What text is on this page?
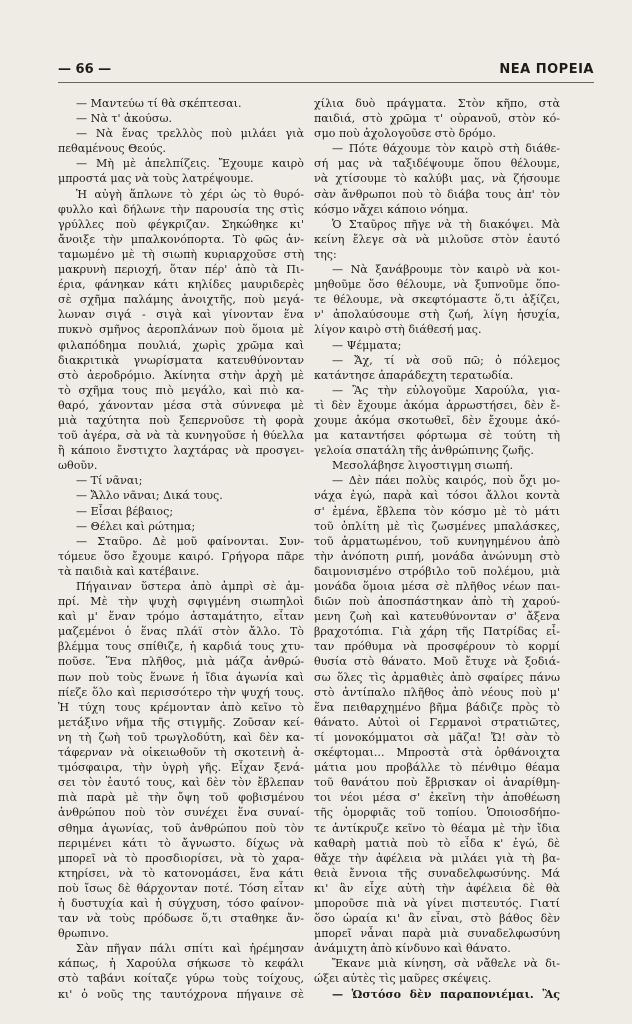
— 66 —	ΝΕΑ ΠΟΡΕΙΑ
— Μαντεύω τί θὰ σκέπτεσαι.
— Νὰ τ' ἀκούσω.
— Νὰ ἕνας τρελλὸς ποὺ μιλάει γιὰ
πεθαμένους Θεούς.
— Μὴ μὲ ἀπελπίζεις. Ἔχουμε καιρὸ
μπροστά μας νὰ τοὺς λατρέψουμε.
Ἡ αὐγὴ ἅπλωνε τὸ χέρι ὡς τὸ θυρό-
φυλλο καὶ δήλωνε τὴν παρουσία της στὶς
γρύλλες ποὺ φέγκριζαν. Σηκώθηκε κι'
ἄνοιξε τὴν μπαλκονόπορτα. Τὸ φῶς ἀν-
ταμωμένο μὲ τὴ σιωπὴ κυριαρχοῦσε στὴ
μακρυνὴ περιοχή, ὅταν πέρ' ἀπὸ τὰ Πι-
έρια, φάνηκαν κάτι κηλίδες μαυριδερὲς
σὲ σχῆμα παλάμης ἀνοιχτῆς, ποὺ μεγά-
λωναν σιγά - σιγὰ καὶ γίνονταν ἕνα
πυκνὸ σμῆνος ἀεροπλάνων ποὺ ὅμοια μὲ
φιλαπόδημα πουλιά, χωρὶς χρῶμα καὶ
διακριτικὰ γνωρίσματα κατευθύνονταν
στὸ ἀεροδρόμιο. Ἀκίνητα στὴν ἀρχὴ μὲ
τὸ σχῆμα τους πιὸ μεγάλο, καὶ πιὸ κα-
θαρό, χάνονταν μέσα στὰ σύννεφα μὲ
μιὰ ταχύτητα ποὺ ξεπερνοῦσε τὴ φορὰ
τοῦ ἀγέρα, σὰ νὰ τὰ κυνηγοῦσε ἡ θύελλα
ἢ κάποιο ἔνστιχτο λαχτάρας νὰ προσγει-
ωθοῦν.
— Τί νᾶναι;
— Ἄλλο νᾶναι; Δικά τους.
— Εἶσαι βέβαιος;
— Θέλει καὶ ρώτημα;
— Σταῦρο. Δὲ μοῦ φαίνονται. Συν-
τόμευε ὅσο ἔχουμε καιρό. Γρήγορα πᾶρε
τὰ παιδιὰ καὶ κατέβαινε.
Πήγαιναν ὕστερα ἀπὸ ἀμπρὶ σὲ ἀμ-
πρί. Μὲ τὴν ψυχὴ σφιγμένη σιωπηλοὶ
καὶ μ' ἕναν τρόμο ἀσταμάτητο, εἶταν
μαζεμένοι ὁ ἕνας πλάϊ στὸν ἄλλο. Τὸ
βλέμμα τους σπίθιζε, ἡ καρδιά τους χτυ-
ποῦσε. Ἕνα πλῆθος, μιὰ μάζα ἀνθρώ-
πων ποὺ τοὺς ἕνωνε ἡ ἴδια ἀγωνία καὶ
πίεζε ὅλο καὶ περισσότερο τὴν ψυχή τους.
Ἡ τύχη τους κρέμονταν ἀπὸ κεῖνο τὸ
μετάξινο νῆμα τῆς στιγμῆς. Ζοῦσαν κεί-
νη τὴ ζωὴ τοῦ τρωγλοδύτη, καὶ δὲν κα-
τάφερναν νὰ οἰκειωθοῦν τὴ σκοτεινὴ ἀ-
τμόσφαιρα, τὴν ὑγρὴ γῆς. Εἶχαν ξενά-
σει τὸν ἑαυτό τους, καὶ δὲν τὸν ἔβλεπαν
πιὰ παρὰ μὲ τὴν ὄψη τοῦ φοβισμένου
ἀνθρώπου ποὺ τὸν συνέχει ἕνα συναί-
σθημα ἀγωνίας, τοῦ ἀνθρώπου ποὺ τὸν
περιμένει κάτι τὸ ἄγνωστο. δίχως νὰ
μπορεῖ νὰ τὸ προσδιορίσει, νὰ τὸ χαρα-
κτηρίσει, νὰ τὸ κατονομάσει, ἕνα κάτι
ποὺ ἴσως δὲ θάρχονταν ποτέ. Τόση εἶταν
ἡ δυστυχία καὶ ἡ σύγχυση, τόσο φαίνον-
ταν νὰ τοὺς πρόδωσε ὅ,τι σταθηκε ἄν-
θρωπινο.
Σὰν πῆγαν πάλι σπίτι καὶ ἠρέμησαν
κάπως, ἡ Χαρούλα σήκωσε τὸ κεφάλι
στὸ ταβάνι κοίταζε γύρω τοὺς τοίχους,
κι' ὁ νοῦς της ταυτόχρονα πήγαινε σὲ
χίλια δυὸ πράγματα. Στὸν κῆπο, στὰ
παιδιά, στὸ χρῶμα τ' οὐρανοῦ, στὸν κό-
σμο ποὺ ἀχολογοῦσε στὸ δρόμο.
— Πότε θάχουμε τὸν καιρὸ στὴ διάθε-
σή μας νὰ ταξιδέψουμε ὅπου θέλουμε,
νὰ χτίσουμε τὸ καλύβι μας, νὰ ζήσουμε
σὰν ἄνθρωποι ποὺ τὸ διάβα τους ἀπ' τὸν
κόσμο νἄχει κάποιο νόημα.
Ὁ Σταῦρος πῆγε νὰ τὴ διακόψει. Μὰ
κείνη ἔλεγε σὰ νὰ μιλοῦσε στὸν ἑαυτό
της:
— Νὰ ξανάβρουμε τὸν καιρὸ νὰ κοι-
μηθοῦμε ὅσο θέλουμε, νὰ ξυπνοῦμε ὅπο-
τε θέλουμε, νὰ σκεφτόμαστε ὅ,τι ἀξίζει,
ν' ἀπολαύσουμε στὴ ζωή, λίγη ἡσυχία,
λίγον καιρὸ στὴ διάθεσή μας.
— Ψέμματα;
— Ἄχ, τί νὰ σοῦ πῶ; ὁ πόλεμος
κατάντησε ἀπαράδεχτη τερατωδία.
— Ἂς τὴν εὐλογοῦμε Χαρούλα, για-
τὶ δὲν ἔχουμε ἀκόμα ἀρρωστήσει, δὲν ἔ-
χουμε ἀκόμα σκοτωθεῖ, δὲν ἔχουμε ἀκό-
μα καταντήσει φόρτωμα σὲ τούτη τὴ
γελοία σπατάλη τῆς ἀνθρώπινης ζωῆς.
Μεσολάβησε λιγοστιγμη σιωπή.
— Δὲν πάει πολὺς καιρός, ποὺ ὄχι μο-
νάχα ἐγώ, παρὰ καὶ τόσοι ἄλλοι κοντὰ
σ' ἐμένα, ἔβλεπα τὸν κόσμο μὲ τὸ μάτι
τοῦ ὁπλίτη μὲ τὶς ζωσμένες μπαλάσκες,
τοῦ ἁρματωμένου, τοῦ κυνηγημένου ἀπὸ
τὴν ἀνόποτη ριπή, μονάδα ἀνώνυμη στὸ
δαιμονισμένο στρόβιλο τοῦ πολέμου, μιὰ
μονάδα ὅμοια μέσα σὲ πλῆθος νέων παι-
διῶν ποὺ ἀποσπάστηκαν ἀπὸ τὴ χαρού-
μενη ζωὴ καὶ κατευθύνονταν σ' ἄξενα
βραχοτόπια. Γιὰ χάρη τῆς Πατρίδας εἶ-
ταν πρόθυμα νὰ προσφέρουν τὸ κορμί
θυσία στὸ θάνατο. Μοῦ ἔτυχε νὰ ξοδιά-
σω ὅλες τὶς ἀρμαθιὲς ἀπὸ σφαίρες πάνω
στὸ ἀντίπαλο πλῆθος ἀπὸ νέους ποὺ μ'
ἕνα πειθαρχημένο βῆμα βάδιζε πρὸς τὸ
θάνατο. Αὐτοὶ οἱ Γερμανοὶ στρατιῶτες,
τί μονοκόμματοι σὰ μᾶζα! Ὤ! σὰν τὸ
σκέφτομαι... Μπροστὰ στὰ ὀρθάνοιχτα
μάτια μου προβάλλε τὸ πένθιμο θέαμα
τοῦ θανάτου ποὺ ἔβρισκαν οἱ ἀναρίθμη-
τοι νέοι μέσα σ' ἐκεῖνη τὴν ἀποθέωση
τῆς ὁμορφιᾶς τοῦ τοπίου. Ὁποιοσδήπο-
τε ἀντίκρυζε κεῖνο τὸ θέαμα μὲ τὴν ἴδια
καθαρὴ ματιὰ ποὺ τὸ εἶδα κ' ἐγώ, δὲ
θἄχε τὴν ἀφέλεια νὰ μιλάει γιὰ τὴ βα-
θειὰ ἔννοια τῆς συναδελφωσύνης. Μά
κι' ἂν εἶχε αὐτὴ τὴν ἀφέλεια δὲ θὰ
μποροῦσε πιὰ νὰ γίνει πιστευτός. Γιατί
ὅσο ὡραία κι' ἂν εἶναι, στὸ βάθος δὲν
μπορεῖ νἆναι παρὰ μιὰ συναδελφωσύνη
ἀνάμιχτη ἀπὸ κίνδυνο καὶ θάνατο.
Ἔκανε μιὰ κίνηση, σὰ νἄθελε νὰ δι-
ώξει αὐτὲς τὶς μαῦρες σκέψεις.
— Ὡστόσο δὲν παραπονιέμαι. Ἂς
